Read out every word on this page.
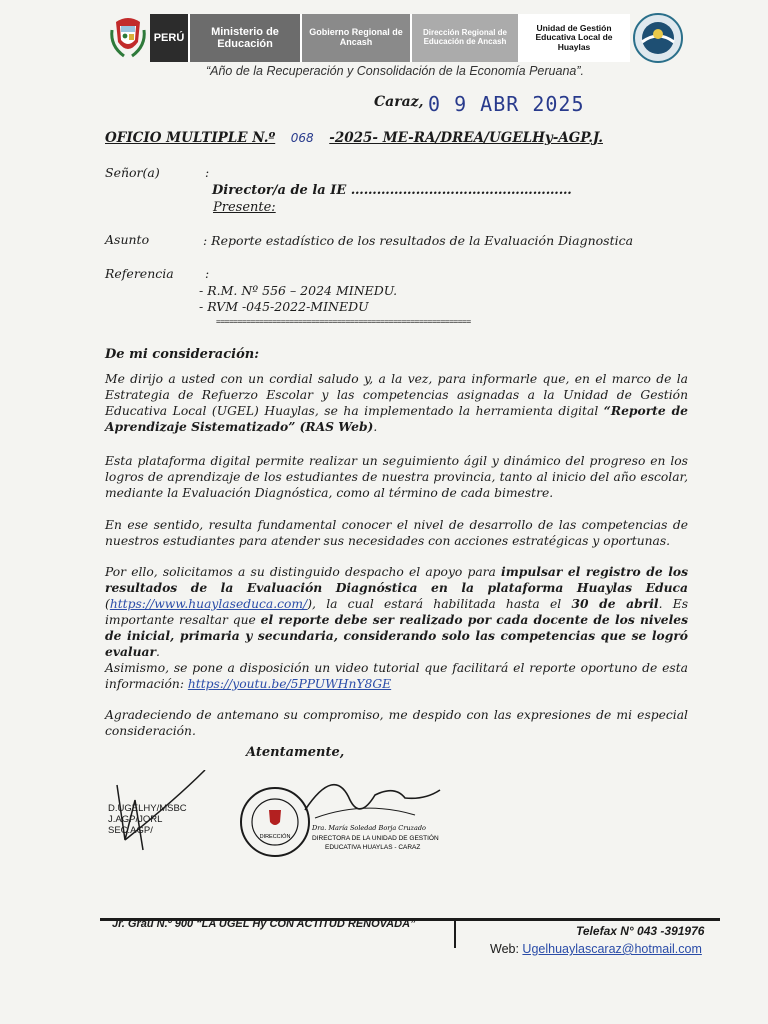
PERÚ
Ministerio de Educación
Gobierno Regional de Ancash
Dirección Regional de Educación de Ancash
Unidad de Gestión Educativa Local de Huaylas
“Año de la Recuperación y Consolidación de la Economía Peruana”.
Caraz, 0 9 ABR 2025
OFICIO MULTIPLE N.º 068 -2025- ME-RA/DREA/UGELHy-AGP.J.
Señor(a)	:
Director/a de la IE ……………………………………………
Presente:
Asunto	: Reporte estadístico de los resultados de la Evaluación Diagnostica
Referencia	:
- R.M. Nº 556 – 2024 MINEDU.
- RVM -045-2022-MINEDU
===========================================================
De mi consideración:
Me dirijo a usted con un cordial saludo y, a la vez, para informarle que, en el marco de la Estrategia de Refuerzo Escolar y las competencias asignadas a la Unidad de Gestión Educativa Local (UGEL) Huaylas, se ha implementado la herramienta digital “Reporte de Aprendizaje Sistematizado” (RAS Web).
Esta plataforma digital permite realizar un seguimiento ágil y dinámico del progreso en los logros de aprendizaje de los estudiantes de nuestra provincia, tanto al inicio del año escolar, mediante la Evaluación Diagnóstica, como al término de cada bimestre.
En ese sentido, resulta fundamental conocer el nivel de desarrollo de las competencias de nuestros estudiantes para atender sus necesidades con acciones estratégicas y oportunas.
Por ello, solicitamos a su distinguido despacho el apoyo para impulsar el registro de los resultados de la Evaluación Diagnóstica en la plataforma Huaylas Educa (https://www.huaylaseduca.com/), la cual estará habilitada hasta el 30 de abril. Es importante resaltar que el reporte debe ser realizado por cada docente de los niveles de inicial, primaria y secundaria, considerando solo las competencias que se logró evaluar.
Asimismo, se pone a disposición un video tutorial que facilitará el reporte oportuno de esta información: https://youtu.be/5PPUWHnY8GE
Agradeciendo de antemano su compromiso, me despido con las expresiones de mi especial consideración.
Atentamente,
DIRECCIÓN
Dra. María Soledad Borja Cruzado
DIRECTORA DE LA UNIDAD DE GESTIÓN
EDUCATIVA HUAYLAS - CARAZ
D.UGELHY/MSBC
J.AGP/JORL
SEC.AGP/
Jr. Grau N.º 900 “LA UGEL Hy CON ACTITUD RENOVADA”	Telefax N° 043 -391976
Web: Ugelhuaylascaraz@hotmail.com
